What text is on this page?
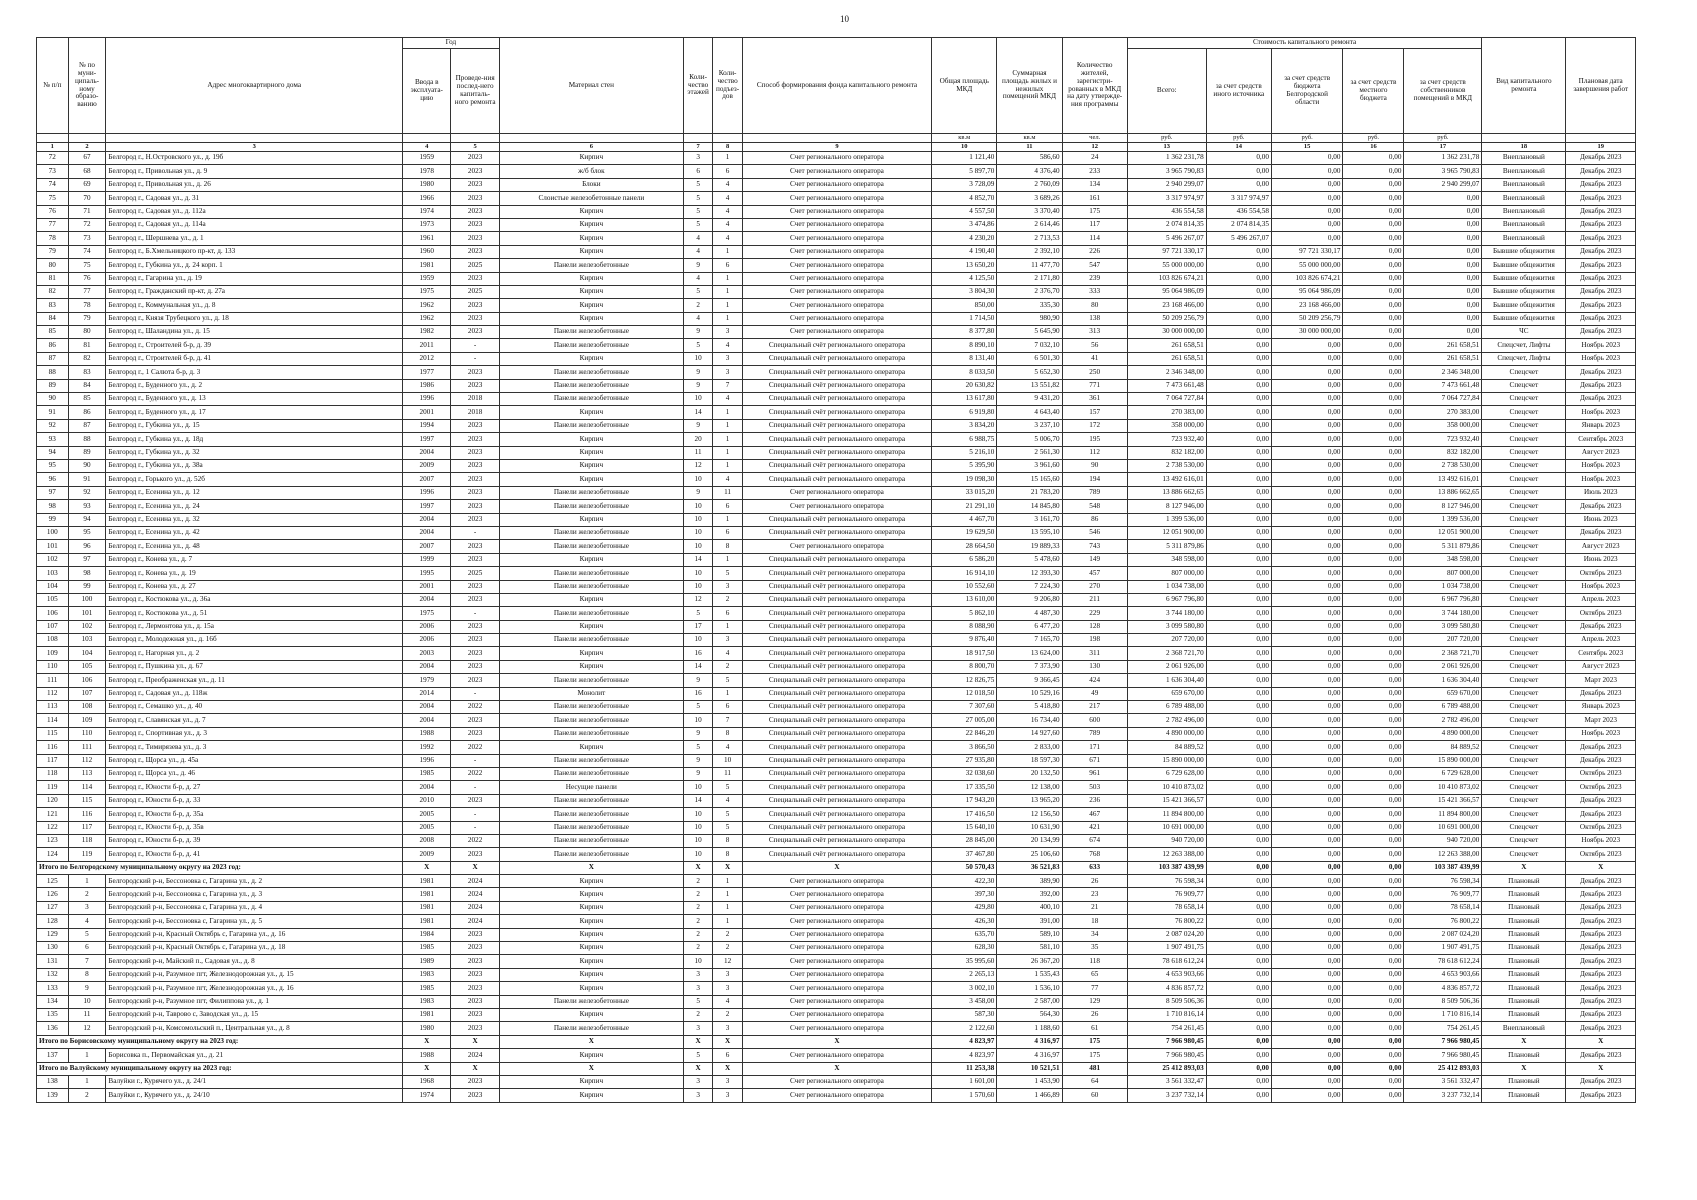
10
№ п/п	№ по муни-ципаль-ному образо-ванию	Адрес многоквартирного дома	Год		Материал стен	Коли-чество этажей	Коли-чество подъез-дов	Способ формирования фонда капитального ремонта	Общая площадь МКД	Суммарная площадь жилых и нежилых помещений МКД	Количество жителей, зарегистри-рованных в МКД на дату утвержде-ния программы	Стоимость капитального ремонта					Вид капитального ремонта	Плановая дата завершения работ
			Ввода в эксплуата-цию	Проведе-ния послед-него капиталь-ного ремонта								Всего:	за счет средств иного источника	за счет средств бюджета Белгородской области	за счет средств местного бюджета	за счет средств собственников помещений в МКД		
									кв.м	кв.м	чел.	руб.	руб.	руб.	руб.	руб.		
1	2	3	4	5	6	7	8	9	10	11	12	13	14	15	16	17	18	19
72	67	Белгород г., Н.Островского ул., д. 19б	1959	2023	Кирпич	3	1	Счет регионального оператора	1 121,40	586,60	24	1 362 231,78	0,00	0,00	0,00	1 362 231,78	Внеплановый	Декабрь 2023
73	68	Белгород г., Привольная ул., д. 9	1978	2023	ж/б блок	6	6	Счет регионального оператора	5 897,70	4 376,40	233	3 965 790,83	0,00	0,00	0,00	3 965 790,83	Внеплановый	Декабрь 2023
74	69	Белгород г., Привольная ул., д. 26	1980	2023	Блоки	5	4	Счет регионального оператора	3 728,09	2 760,09	134	2 940 299,07	0,00	0,00	0,00	2 940 299,07	Внеплановый	Декабрь 2023
75	70	Белгород г., Садовая ул., д. 31	1966	2023	Слоистые железобетонные панели	5	4	Счет регионального оператора	4 852,70	3 689,26	161	3 317 974,97	3 317 974,97	0,00	0,00	0,00	Внеплановый	Декабрь 2023
76	71	Белгород г., Садовая ул., д. 112а	1974	2023	Кирпич	5	4	Счет регионального оператора	4 557,50	3 370,40	175	436 554,58	436 554,58	0,00	0,00	0,00	Внеплановый	Декабрь 2023
77	72	Белгород г., Садовая ул., д. 114а	1973	2023	Кирпич	5	4	Счет регионального оператора	3 474,86	2 614,46	117	2 074 814,35	2 074 814,35	0,00	0,00	0,00	Внеплановый	Декабрь 2023
78	73	Белгород г., Шершнева ул., д. 1	1961	2023	Кирпич	4	4	Счет регионального оператора	4 230,20	2 713,53	114	5 496 267,07	5 496 267,07	0,00	0,00	0,00	Внеплановый	Декабрь 2023
79	74	Белгород г., Б.Хмельницкого пр-кт, д. 133	1960	2023	Кирпич	4	1	Счет регионального оператора	4 190,40	2 392,10	226	97 721 330,17	0,00	97 721 330,17	0,00	0,00	Бывшие общежития	Декабрь 2023
80	75	Белгород г., Губкина ул., д. 24 корп. 1	1981	2025	Панели железобетонные	9	6	Счет регионального оператора	13 650,20	11 477,70	547	55 000 000,00	0,00	55 000 000,00	0,00	0,00	Бывшие общежития	Декабрь 2023
81	76	Белгород г., Гагарина ул., д. 19	1959	2023	Кирпич	4	1	Счет регионального оператора	4 125,50	2 171,80	239	103 826 674,21	0,00	103 826 674,21	0,00	0,00	Бывшие общежития	Декабрь 2023
82	77	Белгород г., Гражданский пр-кт, д. 27а	1975	2025	Кирпич	5	1	Счет регионального оператора	3 804,30	2 376,70	333	95 064 986,09	0,00	95 064 986,09	0,00	0,00	Бывшие общежития	Декабрь 2023
83	78	Белгород г., Коммунальная ул., д. 8	1962	2023	Кирпич	2	1	Счет регионального оператора	850,00	335,30	80	23 168 466,00	0,00	23 168 466,00	0,00	0,00	Бывшие общежития	Декабрь 2023
84	79	Белгород г., Князя Трубецкого ул., д. 18	1962	2023	Кирпич	4	1	Счет регионального оператора	1 714,50	980,90	138	50 209 256,79	0,00	50 209 256,79	0,00	0,00	Бывшие общежития	Декабрь 2023
85	80	Белгород г., Шаландина ул., д. 15	1982	2023	Панели железобетонные	9	3	Счет регионального оператора	8 377,80	5 645,90	313	30 000 000,00	0,00	30 000 000,00	0,00	0,00	ЧС	Декабрь 2023
86	81	Белгород г., Строителей б-р, д. 39	2011	-	Панели железобетонные	5	4	Специальный счёт регионального оператора	8 890,10	7 032,10	56	261 658,51	0,00	0,00	0,00	261 658,51	Спецсчет, Лифты	Ноябрь 2023
87	82	Белгород г., Строителей б-р, д. 41	2012	-	Кирпич	10	3	Специальный счёт регионального оператора	8 131,40	6 501,30	41	261 658,51	0,00	0,00	0,00	261 658,51	Спецсчет, Лифты	Ноябрь 2023
88	83	Белгород г., 1 Салюта б-р, д. 3	1977	2023	Панели железобетонные	9	3	Специальный счёт регионального оператора	8 033,50	5 652,30	250	2 346 348,00	0,00	0,00	0,00	2 346 348,00	Спецсчет	Декабрь 2023
89	84	Белгород г., Буденного ул., д. 2	1986	2023	Панели железобетонные	9	7	Специальный счёт регионального оператора	20 630,82	13 551,82	771	7 473 661,48	0,00	0,00	0,00	7 473 661,48	Спецсчет	Декабрь 2023
90	85	Белгород г., Буденного ул., д. 13	1996	2018	Панели железобетонные	10	4	Специальный счёт регионального оператора	13 617,80	9 431,20	361	7 064 727,84	0,00	0,00	0,00	7 064 727,84	Спецсчет	Декабрь 2023
91	86	Белгород г., Буденного ул., д. 17	2001	2018	Кирпич	14	1	Специальный счёт регионального оператора	6 919,80	4 643,40	157	270 383,00	0,00	0,00	0,00	270 383,00	Спецсчет	Ноябрь 2023
92	87	Белгород г., Губкина ул., д. 15	1994	2023	Панели железобетонные	9	1	Специальный счёт регионального оператора	3 834,20	3 237,10	172	358 000,00	0,00	0,00	0,00	358 000,00	Спецсчет	Январь 2023
93	88	Белгород г., Губкина ул., д. 18д	1997	2023	Кирпич	20	1	Специальный счёт регионального оператора	6 988,75	5 006,70	195	723 932,40	0,00	0,00	0,00	723 932,40	Спецсчет	Сентябрь 2023
94	89	Белгород г., Губкина ул., д. 32	2004	2023	Кирпич	11	1	Специальный счёт регионального оператора	5 216,10	2 561,30	112	832 182,00	0,00	0,00	0,00	832 182,00	Спецсчет	Август 2023
95	90	Белгород г., Губкина ул., д. 38а	2009	2023	Кирпич	12	1	Специальный счёт регионального оператора	5 395,90	3 961,60	90	2 738 530,00	0,00	0,00	0,00	2 738 530,00	Спецсчет	Ноябрь 2023
96	91	Белгород г., Горького ул., д. 52б	2007	2023	Кирпич	10	4	Специальный счёт регионального оператора	19 098,30	15 165,60	194	13 492 616,01	0,00	0,00	0,00	13 492 616,01	Спецсчет	Ноябрь 2023
97	92	Белгород г., Есенина ул., д. 12	1996	2023	Панели железобетонные	9	11	Счет регионального оператора	33 015,20	21 783,20	789	13 886 662,65	0,00	0,00	0,00	13 886 662,65	Спецсчет	Июль 2023
98	93	Белгород г., Есенина ул., д. 24	1997	2023	Панели железобетонные	10	6	Счет регионального оператора	21 291,10	14 845,80	548	8 127 946,00	0,00	0,00	0,00	8 127 946,00	Спецсчет	Декабрь 2023
99	94	Белгород г., Есенина ул., д. 32	2004	2023	Кирпич	10	1	Специальный счёт регионального оператора	4 467,70	3 161,70	86	1 399 536,00	0,00	0,00	0,00	1 399 536,00	Спецсчет	Июнь 2023
100	95	Белгород г., Есенина ул., д. 42	2004	-	Панели железобетонные	10	6	Специальный счёт регионального оператора	19 629,50	13 595,10	546	12 051 900,00	0,00	0,00	0,00	12 051 900,00	Спецсчет	Декабрь 2023
101	96	Белгород г., Есенина ул., д. 48	2007	2023	Панели железобетонные	10	8	Счет регионального оператора	28 664,50	19 889,33	743	5 311 879,86	0,00	0,00	0,00	5 311 879,86	Спецсчет	Август 2023
102	97	Белгород г., Конева ул., д. 7	1999	2023	Кирпич	14	1	Специальный счёт регионального оператора	6 586,20	5 478,60	149	348 598,00	0,00	0,00	0,00	348 598,00	Спецсчет	Июнь 2023
103	98	Белгород г., Конева ул., д. 19	1995	2025	Панели железобетонные	10	5	Специальный счёт регионального оператора	16 914,10	12 393,30	457	807 000,00	0,00	0,00	0,00	807 000,00	Спецсчет	Октябрь 2023
104	99	Белгород г., Конева ул., д. 27	2001	2023	Панели железобетонные	10	3	Специальный счёт регионального оператора	10 552,60	7 224,30	270	1 034 738,00	0,00	0,00	0,00	1 034 738,00	Спецсчет	Ноябрь 2023
105	100	Белгород г., Костюкова ул., д. 36а	2004	2023	Кирпич	12	2	Специальный счёт регионального оператора	13 610,00	9 206,80	211	6 967 796,80	0,00	0,00	0,00	6 967 796,80	Спецсчет	Апрель 2023
106	101	Белгород г., Костюкова ул., д. 51	1975	-	Панели железобетонные	5	6	Специальный счёт регионального оператора	5 862,10	4 487,30	229	3 744 180,00	0,00	0,00	0,00	3 744 180,00	Спецсчет	Октябрь 2023
107	102	Белгород г., Лермонтова ул., д. 15а	2006	2023	Кирпич	17	1	Специальный счёт регионального оператора	8 088,90	6 477,20	128	3 099 580,80	0,00	0,00	0,00	3 099 580,80	Спецсчет	Декабрь 2023
108	103	Белгород г., Молодежная ул., д. 16б	2006	2023	Панели железобетонные	10	3	Специальный счёт регионального оператора	9 876,40	7 165,70	198	207 720,00	0,00	0,00	0,00	207 720,00	Спецсчет	Апрель 2023
109	104	Белгород г., Нагорная ул., д. 2	2003	2023	Кирпич	16	4	Специальный счёт регионального оператора	18 917,50	13 624,00	311	2 368 721,70	0,00	0,00	0,00	2 368 721,70	Спецсчет	Сентябрь 2023
110	105	Белгород г., Пушкина ул., д. 67	2004	2023	Кирпич	14	2	Специальный счёт регионального оператора	8 800,70	7 373,90	130	2 061 926,00	0,00	0,00	0,00	2 061 926,00	Спецсчет	Август 2023
111	106	Белгород г., Преображенская ул., д. 11	1979	2023	Панели железобетонные	9	5	Специальный счёт регионального оператора	12 826,75	9 366,45	424	1 636 304,40	0,00	0,00	0,00	1 636 304,40	Спецсчет	Март 2023
112	107	Белгород г., Садовая ул., д. 118ж	2014	-	Монолит	16	1	Специальный счёт регионального оператора	12 018,50	10 529,16	49	659 670,00	0,00	0,00	0,00	659 670,00	Спецсчет	Декабрь 2023
113	108	Белгород г., Семашко ул., д. 40	2004	2022	Панели железобетонные	5	6	Специальный счёт регионального оператора	7 307,60	5 418,80	217	6 789 488,00	0,00	0,00	0,00	6 789 488,00	Спецсчет	Январь 2023
114	109	Белгород г., Славянская ул., д. 7	2004	2023	Панели железобетонные	10	7	Специальный счёт регионального оператора	27 005,00	16 734,40	600	2 782 496,00	0,00	0,00	0,00	2 782 496,00	Спецсчет	Март 2023
115	110	Белгород г., Спортивная ул., д. 3	1988	2023	Панели железобетонные	9	8	Специальный счёт регионального оператора	22 846,20	14 927,60	789	4 890 000,00	0,00	0,00	0,00	4 890 000,00	Спецсчет	Ноябрь 2023
116	111	Белгород г., Тимирязева ул., д. 3	1992	2022	Кирпич	5	4	Специальный счёт регионального оператора	3 866,50	2 833,00	171	84 889,52	0,00	0,00	0,00	84 889,52	Спецсчет	Декабрь 2023
117	112	Белгород г., Щорса ул., д. 45а	1996	-	Панели железобетонные	9	10	Специальный счёт регионального оператора	27 935,80	18 597,30	671	15 890 000,00	0,00	0,00	0,00	15 890 000,00	Спецсчет	Декабрь 2023
118	113	Белгород г., Щорса ул., д. 46	1985	2022	Панели железобетонные	9	11	Специальный счёт регионального оператора	32 038,60	20 132,50	961	6 729 628,00	0,00	0,00	0,00	6 729 628,00	Спецсчет	Октябрь 2023
119	114	Белгород г., Юности б-р, д. 27	2004	-	Несущие панели	10	5	Специальный счёт регионального оператора	17 335,50	12 138,00	503	10 410 873,02	0,00	0,00	0,00	10 410 873,02	Спецсчет	Октябрь 2023
120	115	Белгород г., Юности б-р, д. 33	2010	2023	Панели железобетонные	14	4	Специальный счёт регионального оператора	17 943,20	13 965,20	236	15 421 366,57	0,00	0,00	0,00	15 421 366,57	Спецсчет	Декабрь 2023
121	116	Белгород г., Юности б-р, д. 35а	2005	-	Панели железобетонные	10	5	Специальный счёт регионального оператора	17 416,50	12 156,50	467	11 894 800,00	0,00	0,00	0,00	11 894 800,00	Спецсчет	Декабрь 2023
122	117	Белгород г., Юности б-р, д. 35в	2005	-	Панели железобетонные	10	5	Специальный счёт регионального оператора	15 640,10	10 631,90	421	10 691 000,00	0,00	0,00	0,00	10 691 000,00	Спецсчет	Октябрь 2023
123	118	Белгород г., Юности б-р, д. 39	2008	2022	Панели железобетонные	10	8	Специальный счёт регионального оператора	28 845,00	20 134,99	674	940 720,00	0,00	0,00	0,00	940 720,00	Спецсчет	Ноябрь 2023
124	119	Белгород г., Юности б-р, д. 41	2009	2023	Панели железобетонные	10	8	Специальный счёт регионального оператора	37 467,80	25 106,60	768	12 263 388,00	0,00	0,00	0,00	12 263 388,00	Спецсчет	Октябрь 2023
Итого по Белгородскому муниципальному округу на 2023 год:			X	X	X	X	X	X	50 570,43	36 521,83	633	103 387 439,99	0,00	0,00	0,00	103 387 439,99	X	X
125	1	Белгородский р-н, Бессоновка с, Гагарина ул., д. 2	1981	2024	Кирпич	2	1	Счет регионального оператора	422,30	389,90	26	76 598,34	0,00	0,00	0,00	76 598,34	Плановый	Декабрь 2023
126	2	Белгородский р-н, Бессоновка с, Гагарина ул., д. 3	1981	2024	Кирпич	2	1	Счет регионального оператора	397,30	392,00	23	76 909,77	0,00	0,00	0,00	76 909,77	Плановый	Декабрь 2023
127	3	Белгородский р-н, Бессоновка с, Гагарина ул., д. 4	1981	2024	Кирпич	2	1	Счет регионального оператора	429,80	400,10	21	78 658,14	0,00	0,00	0,00	78 658,14	Плановый	Декабрь 2023
128	4	Белгородский р-н, Бессоновка с, Гагарина ул., д. 5	1981	2024	Кирпич	2	1	Счет регионального оператора	426,30	391,00	18	76 800,22	0,00	0,00	0,00	76 800,22	Плановый	Декабрь 2023
129	5	Белгородский р-н, Красный Октябрь с, Гагарина ул., д. 16	1984	2023	Кирпич	2	2	Счет регионального оператора	635,70	589,10	34	2 087 024,20	0,00	0,00	0,00	2 087 024,20	Плановый	Декабрь 2023
130	6	Белгородский р-н, Красный Октябрь с, Гагарина ул., д. 18	1985	2023	Кирпич	2	2	Счет регионального оператора	628,30	581,10	35	1 907 491,75	0,00	0,00	0,00	1 907 491,75	Плановый	Декабрь 2023
131	7	Белгородский р-н, Майский п., Садовая ул., д. 8	1989	2023	Кирпич	10	12	Счет регионального оператора	35 995,60	26 367,20	118	78 618 612,24	0,00	0,00	0,00	78 618 612,24	Плановый	Декабрь 2023
132	8	Белгородский р-н, Разумное пгт, Железнодорожная ул., д. 15	1983	2023	Кирпич	3	3	Счет регионального оператора	2 265,13	1 535,43	65	4 653 903,66	0,00	0,00	0,00	4 653 903,66	Плановый	Декабрь 2023
133	9	Белгородский р-н, Разумное пгт, Железнодорожная ул., д. 16	1985	2023	Кирпич	3	3	Счет регионального оператора	3 002,10	1 536,10	77	4 836 857,72	0,00	0,00	0,00	4 836 857,72	Плановый	Декабрь 2023
134	10	Белгородский р-н, Разумное пгт, Филиппова ул., д. 1	1983	2023	Панели железобетонные	5	4	Счет регионального оператора	3 458,00	2 587,00	129	8 509 506,36	0,00	0,00	0,00	8 509 506,36	Плановый	Декабрь 2023
135	11	Белгородский р-н, Таврово с, Заводская ул., д. 15	1981	2023	Кирпич	2	2	Счет регионального оператора	587,30	564,30	26	1 710 816,14	0,00	0,00	0,00	1 710 816,14	Плановый	Декабрь 2023
136	12	Белгородский р-н, Комсомольский п., Центральная ул., д. 8	1980	2023	Панели железобетонные	3	3	Счет регионального оператора	2 122,60	1 188,60	61	754 261,45	0,00	0,00	0,00	754 261,45	Внеплановый	Декабрь 2023
Итого по Борисовскому муниципальному округу на 2023 год:			X	X	X	X	X	X	4 823,97	4 316,97	175	7 966 980,45	0,00	0,00	0,00	7 966 980,45	X	X
137	1	Борисовка п., Первомайская ул., д. 21	1988	2024	Кирпич	5	6	Счет регионального оператора	4 823,97	4 316,97	175	7 966 980,45	0,00	0,00	0,00	7 966 980,45	Плановый	Декабрь 2023
Итого по Валуйскому муниципальному округу на 2023 год:			X	X	X	X	X	X	11 253,38	10 521,51	481	25 412 893,03	0,00	0,00	0,00	25 412 893,03	X	X
138	1	Валуйки г., Курячего ул., д. 24/1	1968	2023	Кирпич	3	3	Счет регионального оператора	1 601,00	1 453,90	64	3 561 332,47	0,00	0,00	0,00	3 561 332,47	Плановый	Декабрь 2023
139	2	Валуйки г., Курячего ул., д. 24/10	1974	2023	Кирпич	3	3	Счет регионального оператора	1 570,60	1 466,89	60	3 237 732,14	0,00	0,00	0,00	3 237 732,14	Плановый	Декабрь 2023
